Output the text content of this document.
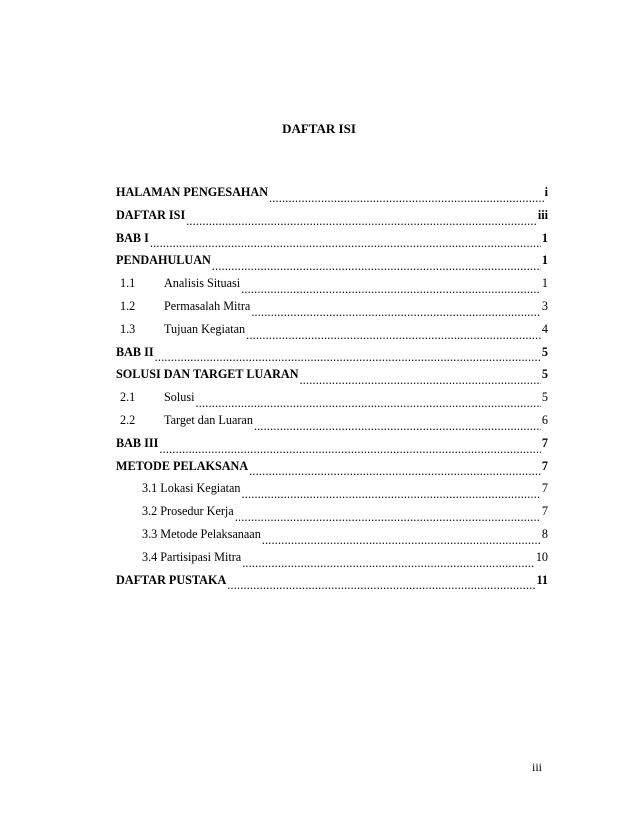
DAFTAR ISI
HALAMAN PENGESAHAN .....	i
DAFTAR ISI .....	iii
BAB I .....	1
PENDAHULUAN .....	1
1.1	Analisis Situasi .....	1
1.2	Permasalah Mitra .....	3
1.3	Tujuan Kegiatan .....	4
BAB II .....	5
SOLUSI DAN TARGET LUARAN .....	5
2.1	Solusi .....	5
2.2	Target dan Luaran .....	6
BAB III .....	7
METODE PELAKSANA .....	7
3.1 Lokasi Kegiatan .....	7
3.2 Prosedur Kerja .....	7
3.3 Metode Pelaksanaan .....	8
3.4 Partisipasi Mitra .....	10
DAFTAR PUSTAKA .....	11
iii
